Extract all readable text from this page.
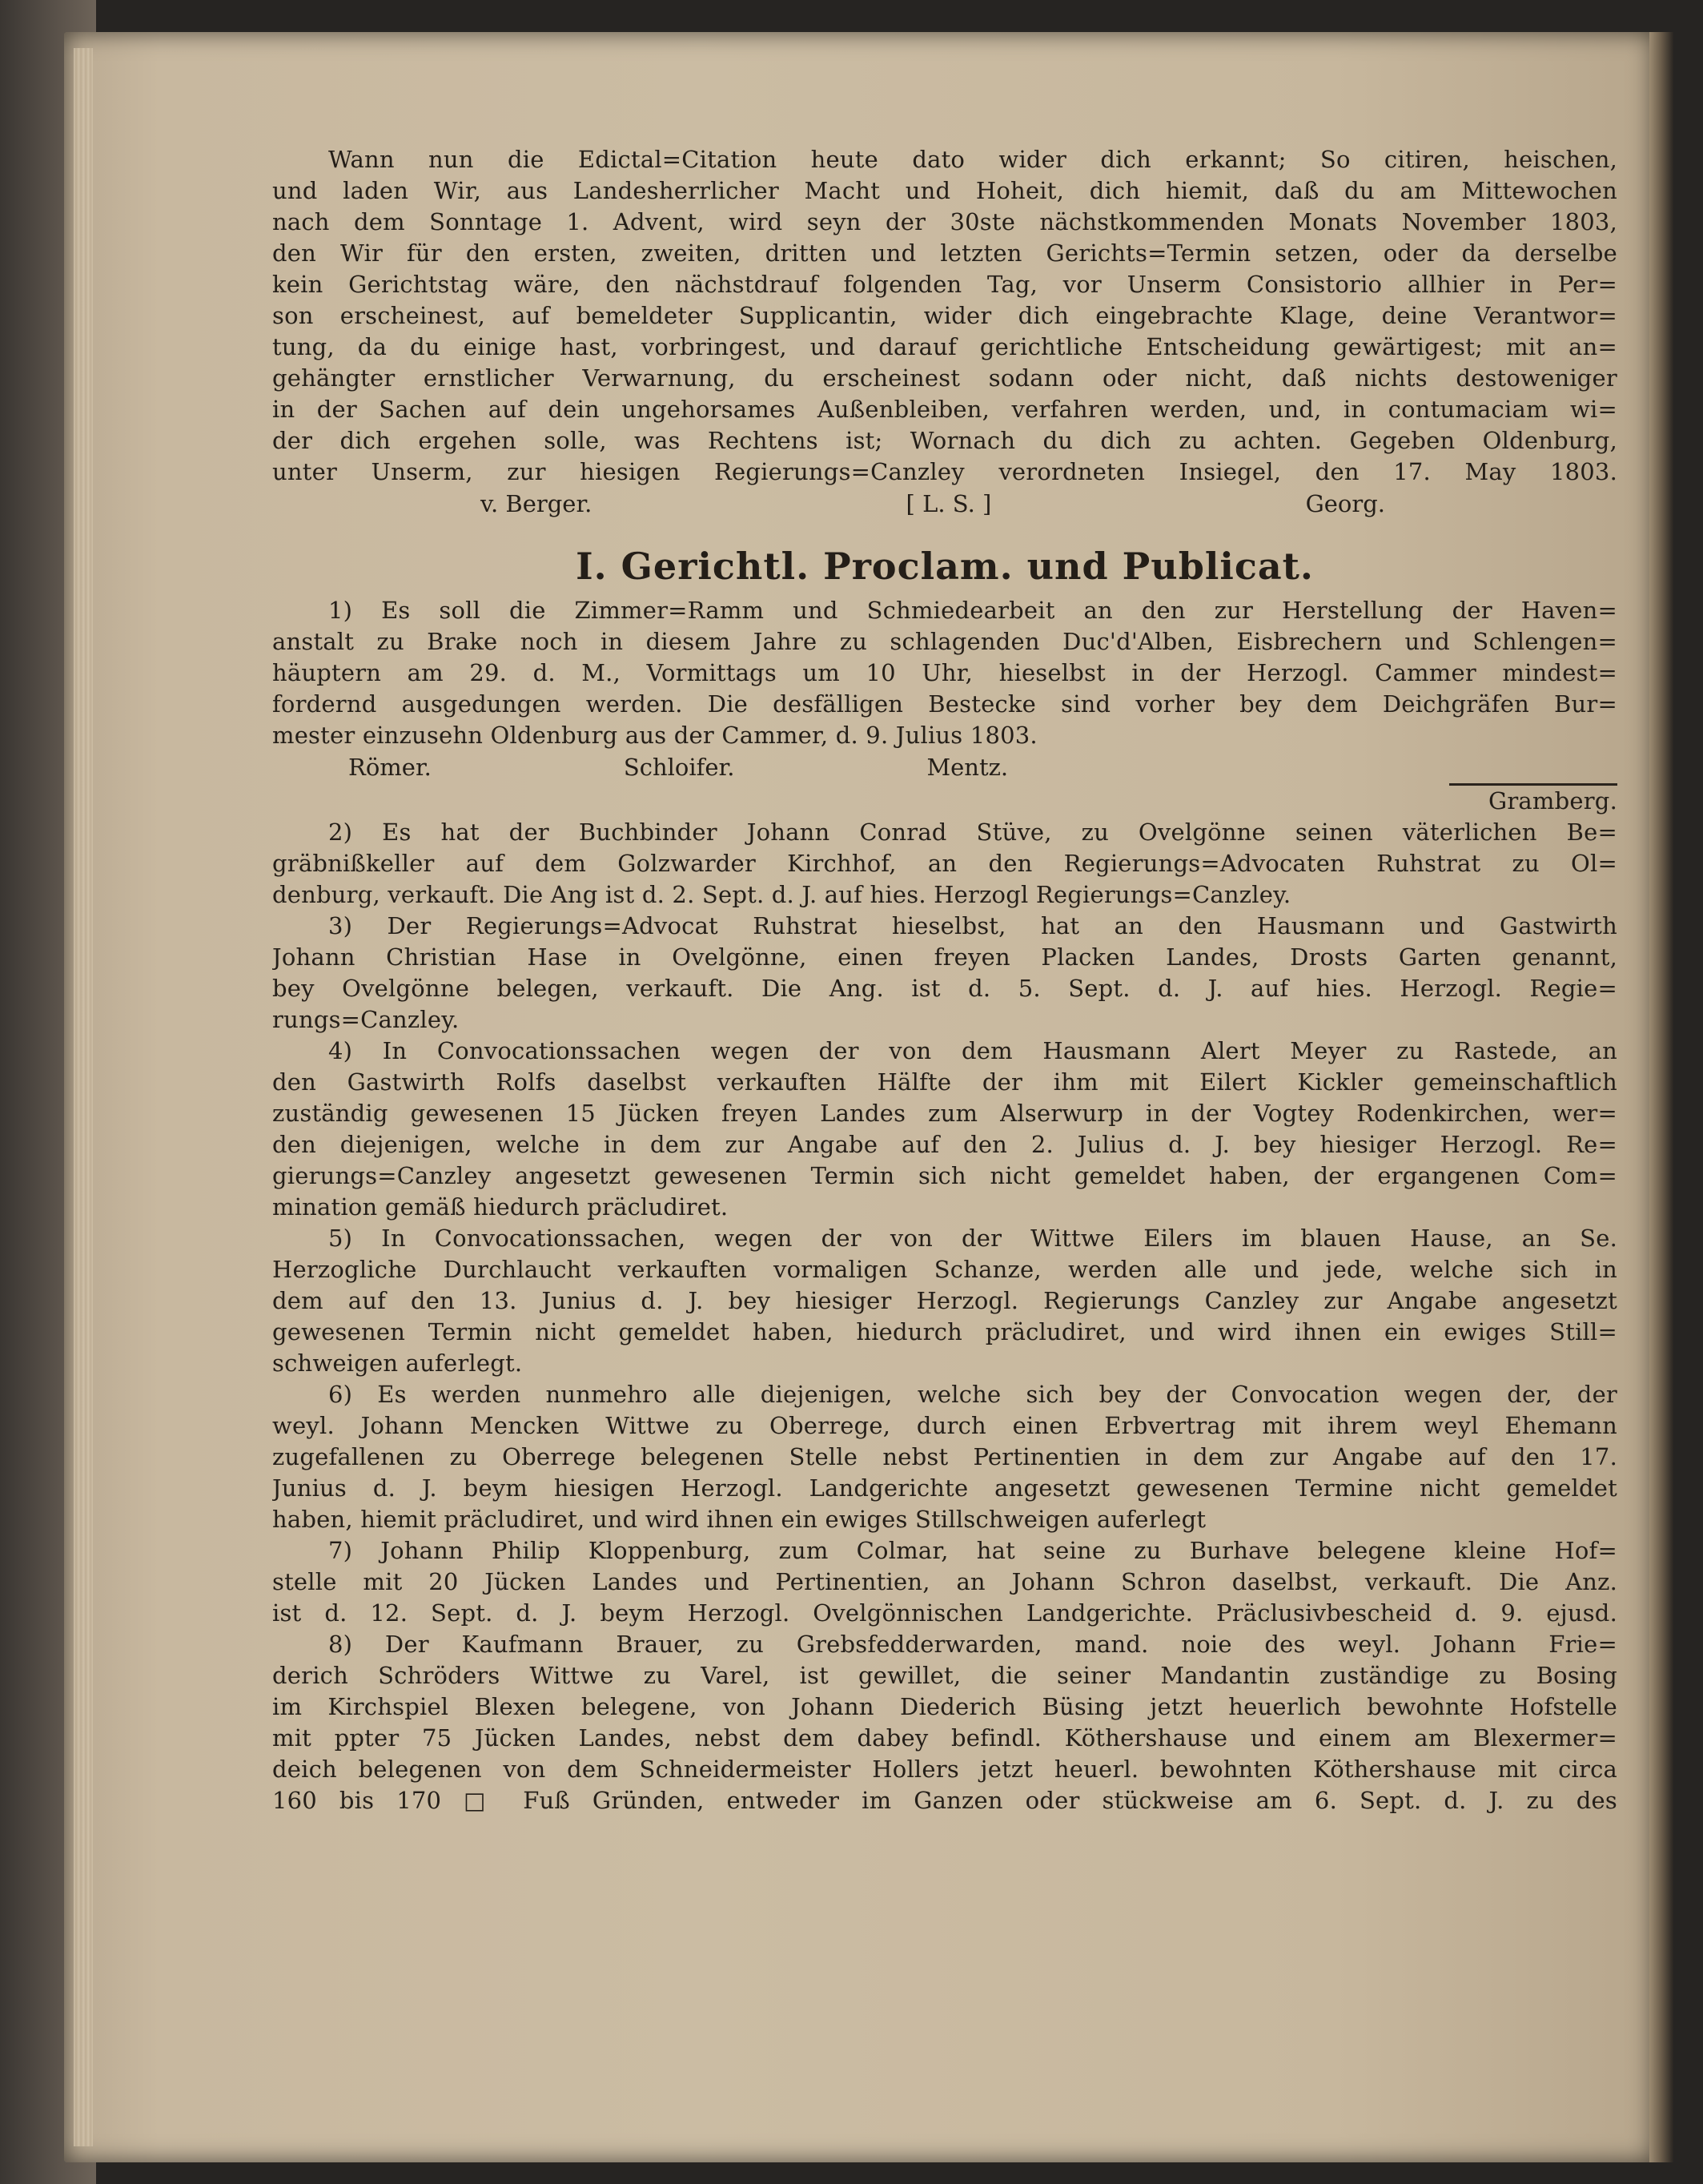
Wann nun die Edictal=Citation heute dato wider dich erkannt; So citiren, heischen,
und laden Wir, aus Landesherrlicher Macht und Hoheit, dich hiemit, daß du am Mittewochen
nach dem Sonntage 1. Advent, wird seyn der 30ste nächstkommenden Monats November 1803,
den Wir für den ersten, zweiten, dritten und letzten Gerichts=Termin setzen, oder da derselbe
kein Gerichtstag wäre, den nächstdrauf folgenden Tag, vor Unserm Consistorio allhier in Per=
son erscheinest, auf bemeldeter Supplicantin, wider dich eingebrachte Klage, deine Verantwor=
tung, da du einige hast, vorbringest, und darauf gerichtliche Entscheidung gewärtigest; mit an=
gehängter ernstlicher Verwarnung, du erscheinest sodann oder nicht, daß nichts destoweniger
in der Sachen auf dein ungehorsames Außenbleiben, verfahren werden, und, in contumaciam wi=
der dich ergehen solle, was Rechtens ist; Wornach du dich zu achten. Gegeben Oldenburg,
unter Unserm, zur hiesigen Regierungs=Canzley verordneten Insiegel, den 17. May 1803.
v. Berger.	[ L. S. ]	Georg.
I. Gerichtl. Proclam. und Publicat.
1) Es soll die Zimmer=Ramm und Schmiedearbeit an den zur Herstellung der Haven=
anstalt zu Brake noch in diesem Jahre zu schlagenden Duc'd'Alben, Eisbrechern und Schlengen=
häuptern am 29. d. M., Vormittags um 10 Uhr, hieselbst in der Herzogl. Cammer mindest=
fordernd ausgedungen werden. Die desfälligen Bestecke sind vorher bey dem Deichgräfen Bur=
mester einzusehn Oldenburg aus der Cammer, d. 9. Julius 1803.
Römer.	Schloifer.	Mentz.
Gramberg.
2) Es hat der Buchbinder Johann Conrad Stüve, zu Ovelgönne seinen väterlichen Be=
gräbnißkeller auf dem Golzwarder Kirchhof, an den Regierungs=Advocaten Ruhstrat zu Ol=
denburg, verkauft. Die Ang ist d. 2. Sept. d. J. auf hies. Herzogl Regierungs=Canzley.
3) Der Regierungs=Advocat Ruhstrat hieselbst, hat an den Hausmann und Gastwirth
Johann Christian Hase in Ovelgönne, einen freyen Placken Landes, Drosts Garten genannt,
bey Ovelgönne belegen, verkauft. Die Ang. ist d. 5. Sept. d. J. auf hies. Herzogl. Regie=
rungs=Canzley.
4) In Convocationssachen wegen der von dem Hausmann Alert Meyer zu Rastede, an
den Gastwirth Rolfs daselbst verkauften Hälfte der ihm mit Eilert Kickler gemeinschaftlich
zuständig gewesenen 15 Jücken freyen Landes zum Alserwurp in der Vogtey Rodenkirchen, wer=
den diejenigen, welche in dem zur Angabe auf den 2. Julius d. J. bey hiesiger Herzogl. Re=
gierungs=Canzley angesetzt gewesenen Termin sich nicht gemeldet haben, der ergangenen Com=
mination gemäß hiedurch präcludiret.
5) In Convocationssachen, wegen der von der Wittwe Eilers im blauen Hause, an Se.
Herzogliche Durchlaucht verkauften vormaligen Schanze, werden alle und jede, welche sich in
dem auf den 13. Junius d. J. bey hiesiger Herzogl. Regierungs Canzley zur Angabe angesetzt
gewesenen Termin nicht gemeldet haben, hiedurch präcludiret, und wird ihnen ein ewiges Still=
schweigen auferlegt.
6) Es werden nunmehro alle diejenigen, welche sich bey der Convocation wegen der, der
weyl. Johann Mencken Wittwe zu Oberrege, durch einen Erbvertrag mit ihrem weyl Ehemann
zugefallenen zu Oberrege belegenen Stelle nebst Pertinentien in dem zur Angabe auf den 17.
Junius d. J. beym hiesigen Herzogl. Landgerichte angesetzt gewesenen Termine nicht gemeldet
haben, hiemit präcludiret, und wird ihnen ein ewiges Stillschweigen auferlegt
7) Johann Philip Kloppenburg, zum Colmar, hat seine zu Burhave belegene kleine Hof=
stelle mit 20 Jücken Landes und Pertinentien, an Johann Schron daselbst, verkauft. Die Anz.
ist d. 12. Sept. d. J. beym Herzogl. Ovelgönnischen Landgerichte. Präclusivbescheid d. 9. ejusd.
8) Der Kaufmann Brauer, zu Grebsfedderwarden, mand. noie des weyl. Johann Frie=
derich Schröders Wittwe zu Varel, ist gewillet, die seiner Mandantin zuständige zu Bosing
im Kirchspiel Blexen belegene, von Johann Diederich Büsing jetzt heuerlich bewohnte Hofstelle
mit ppter 75 Jücken Landes, nebst dem dabey befindl. Köthershause und einem am Blexermer=
deich belegenen von dem Schneidermeister Hollers jetzt heuerl. bewohnten Köthershause mit circa
160 bis 170 □ Fuß Gründen, entweder im Ganzen oder stückweise am 6. Sept. d. J. zu des
